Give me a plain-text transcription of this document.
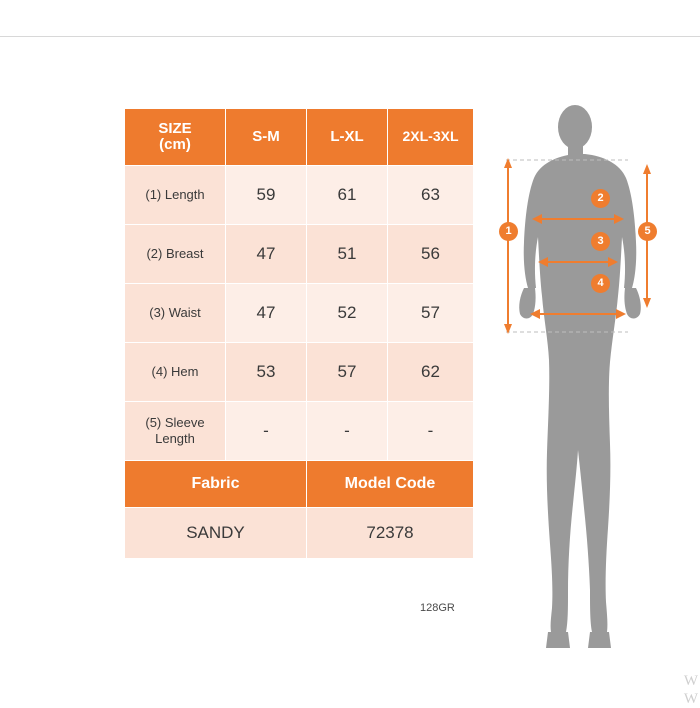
SIZE
(cm)	S-M	L-XL	2XL-3XL
(1) Length	59	61	63
(2) Breast	47	51	56
(3) Waist	47	52	57
(4) Hem	53	57	62

(5) Sleeve
Length	-	-	-
Fabric		Model Code	
SANDY		72378	
128GR
1
2
3
4
5
W
W
